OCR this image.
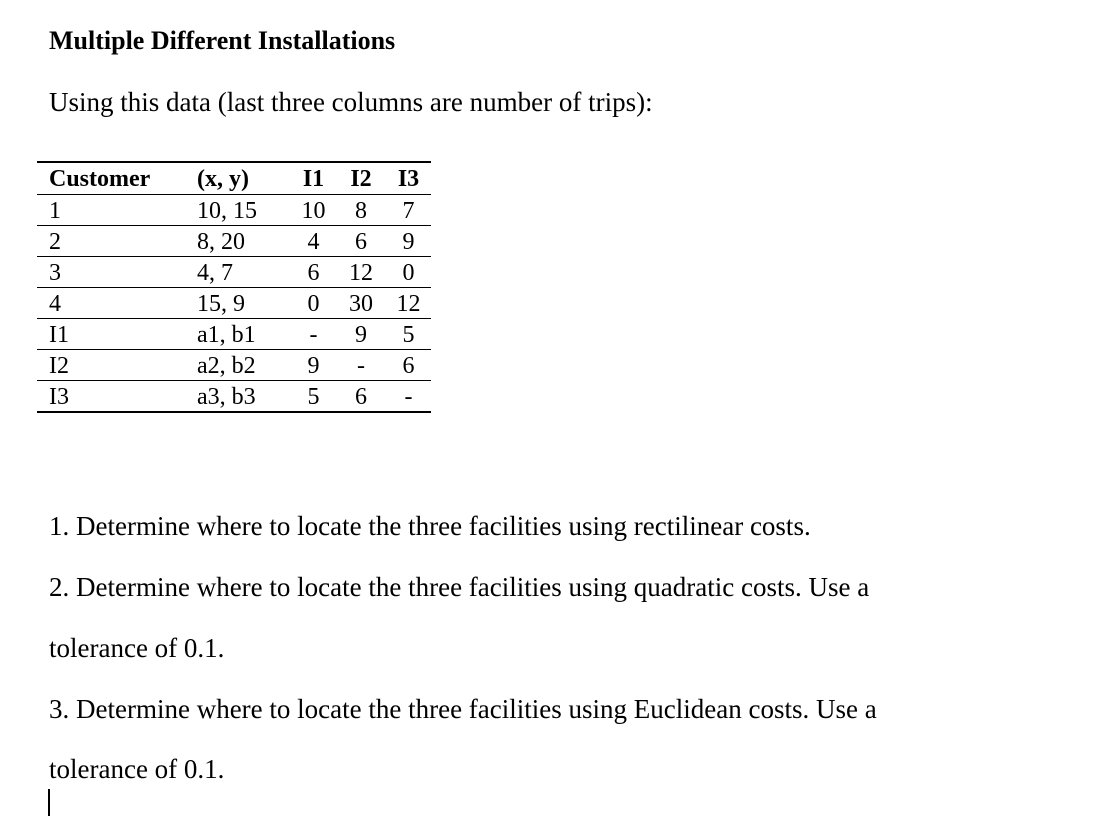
Multiple Different Installations
Using this data (last three columns are number of trips):
Customer	(x, y)	I1	I2	I3
1	10, 15	10	8	7
2	8, 20	4	6	9
3	4, 7	6	12	0
4	15, 9	0	30	12
I1	a1, b1	-	9	5
I2	a2, b2	9	-	6
I3	a3, b3	5	6	-
1. Determine where to locate the three facilities using rectilinear costs.
2. Determine where to locate the three facilities using quadratic costs. Use a
tolerance of 0.1.
3. Determine where to locate the three facilities using Euclidean costs. Use a
tolerance of 0.1.
